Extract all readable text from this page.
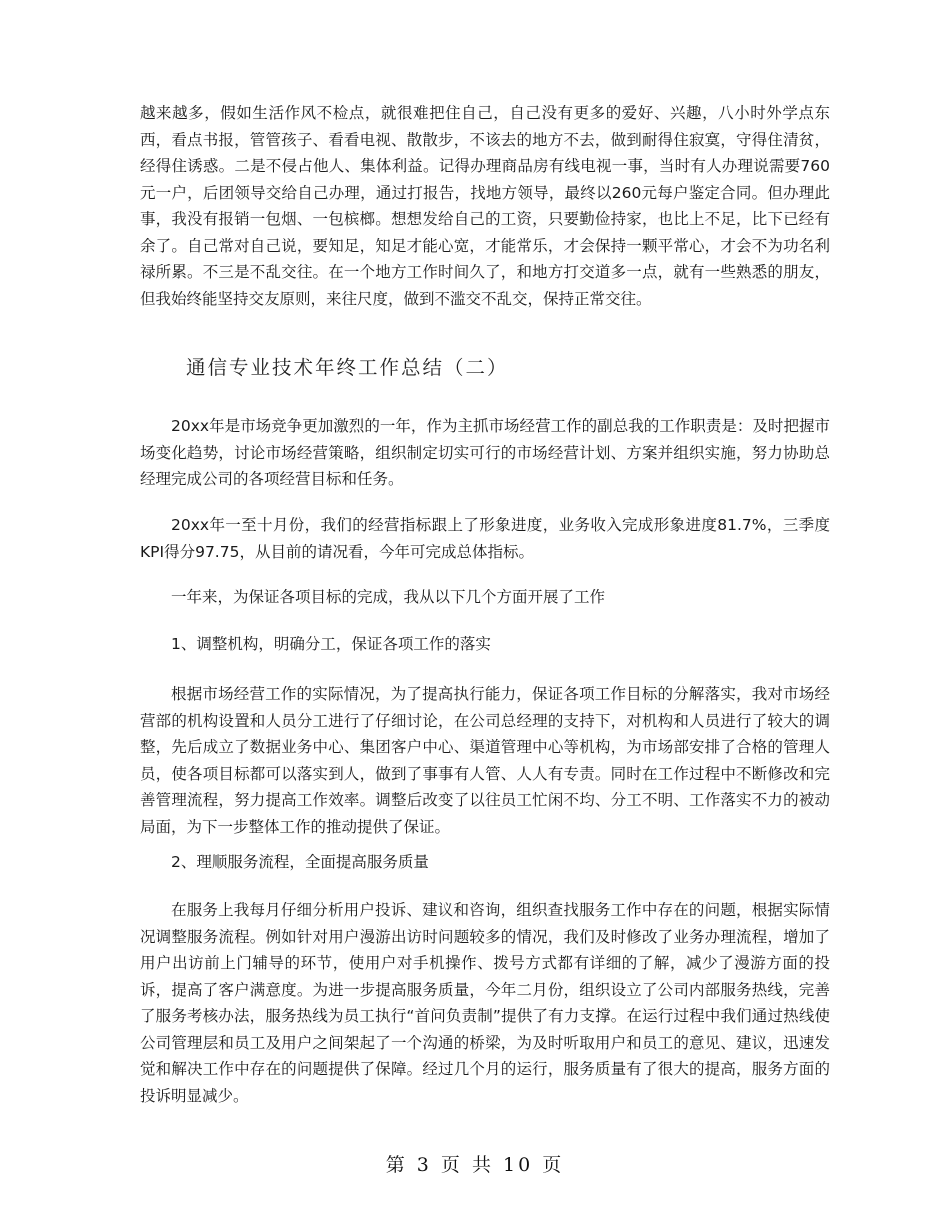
越来越多，假如生活作风不检点，就很难把住自己，自己没有更多的爱好、兴趣，八小时外学点东西，看点书报，管管孩子、看看电视、散散步，不该去的地方不去，做到耐得住寂寞，守得住清贫，经得住诱惑。二是不侵占他人、集体利益。记得办理商品房有线电视一事，当时有人办理说需要760元一户，后团领导交给自己办理，通过打报告，找地方领导，最终以260元每户鉴定合同。但办理此事，我没有报销一包烟、一包槟榔。想想发给自己的工资，只要勤俭持家，也比上不足，比下已经有余了。自己常对自己说，要知足，知足才能心宽，才能常乐，才会保持一颗平常心，才会不为功名利禄所累。不三是不乱交往。在一个地方工作时间久了，和地方打交道多一点，就有一些熟悉的朋友，但我始终能坚持交友原则，来往尺度，做到不滥交不乱交，保持正常交往。

通信专业技术年终工作总结（二）

20xx年是市场竞争更加激烈的一年，作为主抓市场经营工作的副总我的工作职责是：及时把握市场变化趋势，讨论市场经营策略，组织制定切实可行的市场经营计划、方案并组织实施，努力协助总经理完成公司的各项经营目标和任务。

20xx年一至十月份，我们的经营指标跟上了形象进度，业务收入完成形象进度81.7%，三季度KPI得分97.75，从目前的请况看，今年可完成总体指标。

一年来，为保证各项目标的完成，我从以下几个方面开展了工作

1、调整机构，明确分工，保证各项工作的落实

根据市场经营工作的实际情况，为了提高执行能力，保证各项工作目标的分解落实，我对市场经营部的机构设置和人员分工进行了仔细讨论，在公司总经理的支持下，对机构和人员进行了较大的调整，先后成立了数据业务中心、集团客户中心、渠道管理中心等机构，为市场部安排了合格的管理人员，使各项目标都可以落实到人，做到了事事有人管、人人有专责。同时在工作过程中不断修改和完善管理流程，努力提高工作效率。调整后改变了以往员工忙闲不均、分工不明、工作落实不力的被动局面，为下一步整体工作的推动提供了保证。

2、理顺服务流程，全面提高服务质量

在服务上我每月仔细分析用户投诉、建议和咨询，组织查找服务工作中存在的问题，根据实际情况调整服务流程。例如针对用户漫游出访时问题较多的情况，我们及时修改了业务办理流程，增加了用户出访前上门辅导的环节，使用户对手机操作、拨号方式都有详细的了解，减少了漫游方面的投诉，提高了客户满意度。为进一步提高服务质量，今年二月份，组织设立了公司内部服务热线，完善了服务考核办法，服务热线为员工执行“首问负责制”提供了有力支撑。在运行过程中我们通过热线使公司管理层和员工及用户之间架起了一个沟通的桥梁，为及时听取用户和员工的意见、建议，迅速发觉和解决工作中存在的问题提供了保障。经过几个月的运行，服务质量有了很大的提高，服务方面的投诉明显减少。

第 3 页 共 10 页
